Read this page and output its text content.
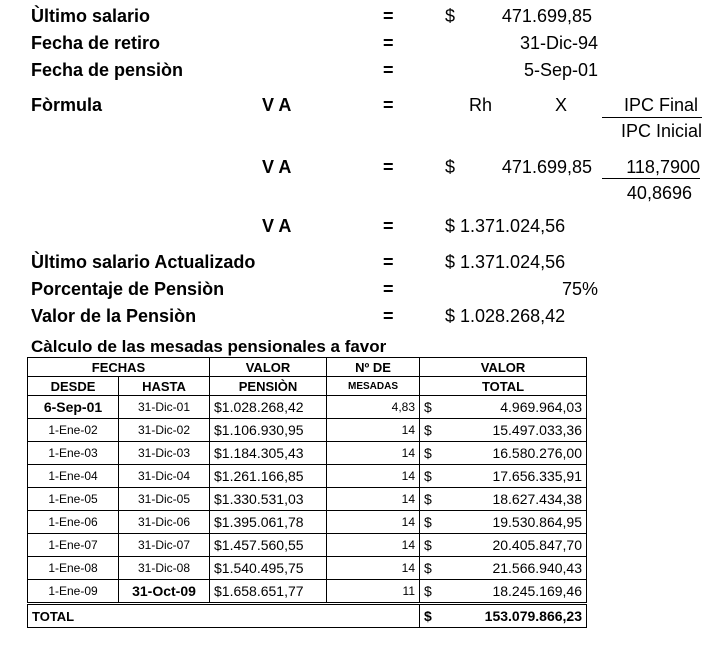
Ùltimo salario	=	$	471.699,85
Fecha de retiro	=	31-Dic-94
Fecha de pensiòn	=	5-Sep-01
Fòrmula	V A	=	Rh	X	IPC Final
IPC Inicial
V A	=	$	471.699,85 118,7900
40,8696
V A	=	$ 1.371.024,56
Ùltimo salario Actualizado	=	$ 1.371.024,56
Porcentaje de Pensiòn	=	75%
Valor de la Pensiòn	=	$ 1.028.268,42
Càlculo de las mesadas pensionales a favor
FECHAS		VALOR	Nº DE	VALOR
DESDE	HASTA	PENSIÒN	MESADAS	TOTAL
6-Sep-01	31-Dic-01	$1.028.268,42	4,83	$ 4.969.964,03

1-Ene-02	31-Dic-02	$1.106.930,95	14	$ 15.497.033,36

1-Ene-03	31-Dic-03	$1.184.305,43	14	$ 16.580.276,00

1-Ene-04	31-Dic-04	$1.261.166,85	14	$ 17.656.335,91

1-Ene-05	31-Dic-05	$1.330.531,03	14	$ 18.627.434,38

1-Ene-06	31-Dic-06	$1.395.061,78	14	$ 19.530.864,95

1-Ene-07	31-Dic-07	$1.457.560,55	14	$ 20.405.847,70

1-Ene-08	31-Dic-08	$1.540.495,75	14	$ 21.566.940,43

1-Ene-09	31-Oct-09	$1.658.651,77	11	$ 18.245.169,46

TOTAL				$ 153.079.866,23
